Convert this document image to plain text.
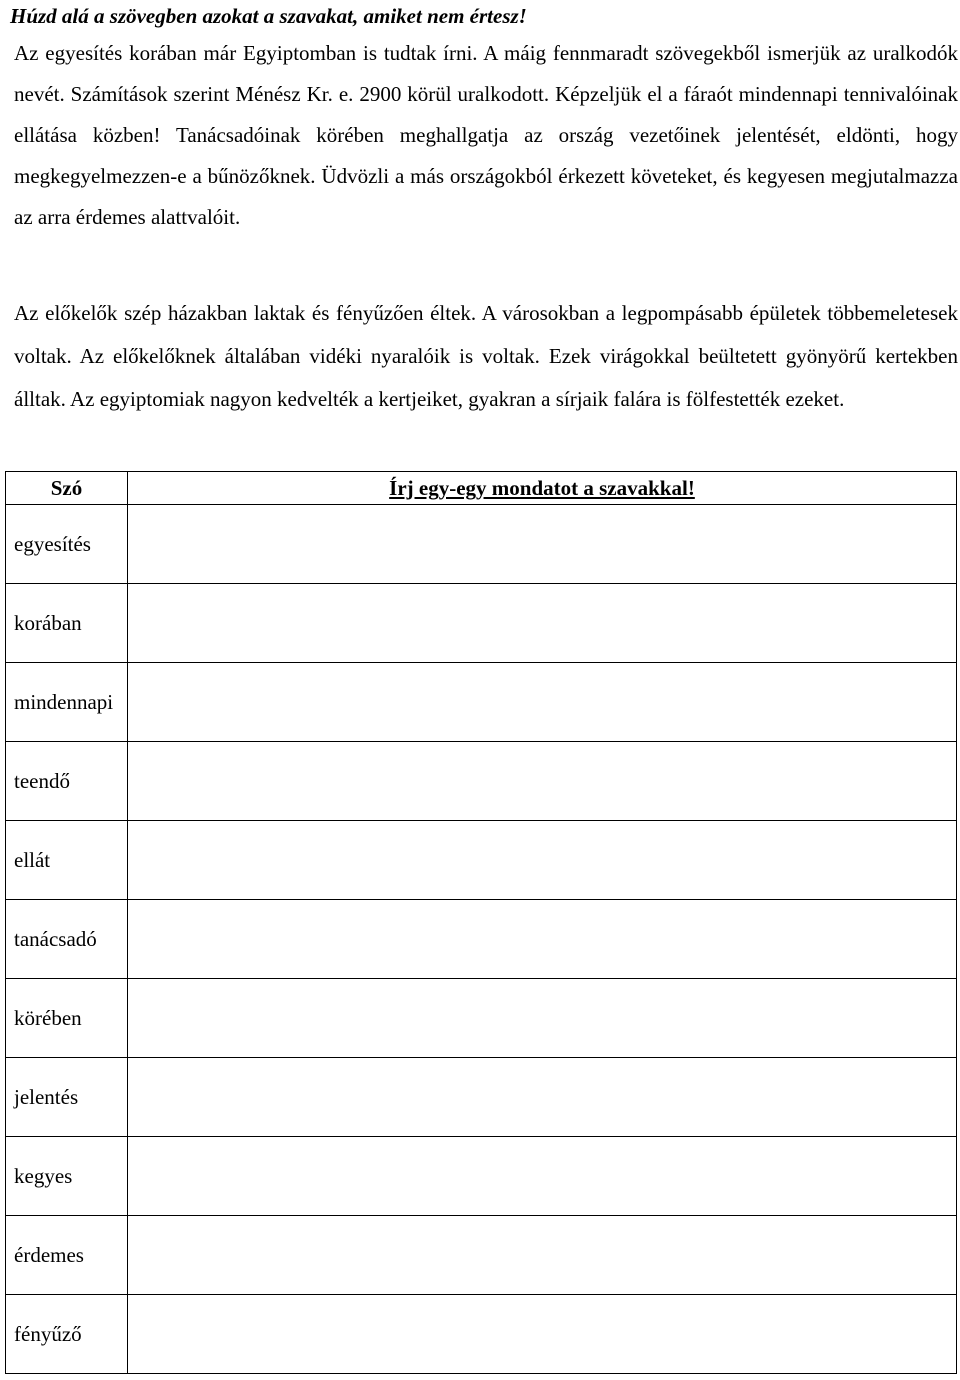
Húzd alá a szövegben azokat a szavakat, amiket nem értesz!

Az egyesítés korában már Egyiptomban is tudtak írni. A máig fennmaradt szövegekből ismerjük az uralkodók nevét. Számítások szerint Ménész Kr. e. 2900 körül uralkodott. Képzeljük el a fáraót mindennapi tennivalóinak ellátása közben! Tanácsadóinak körében meghallgatja az ország vezetőinek jelentését, eldönti, hogy megkegyelmezzen-e a bűnözőknek. Üdvözli a más országokból érkezett követeket, és kegyesen megjutalmazza az arra érdemes alattvalóit.

Az előkelők szép házakban laktak és fényűzően éltek. A városokban a legpompásabb épületek többemeletesek voltak. Az előkelőknek általában vidéki nyaralóik is voltak. Ezek virágokkal beültetett gyönyörű kertekben álltak. Az egyiptomiak nagyon kedvelték a kertjeiket, gyakran a sírjaik falára is fölfestették ezeket.

Szó	Írj egy-egy mondatot a szavakkal!
egyesítés	
korában	
mindennapi	
teendő	
ellát	
tanácsadó	
körében	
jelentés	
kegyes	
érdemes	
fényűző	
